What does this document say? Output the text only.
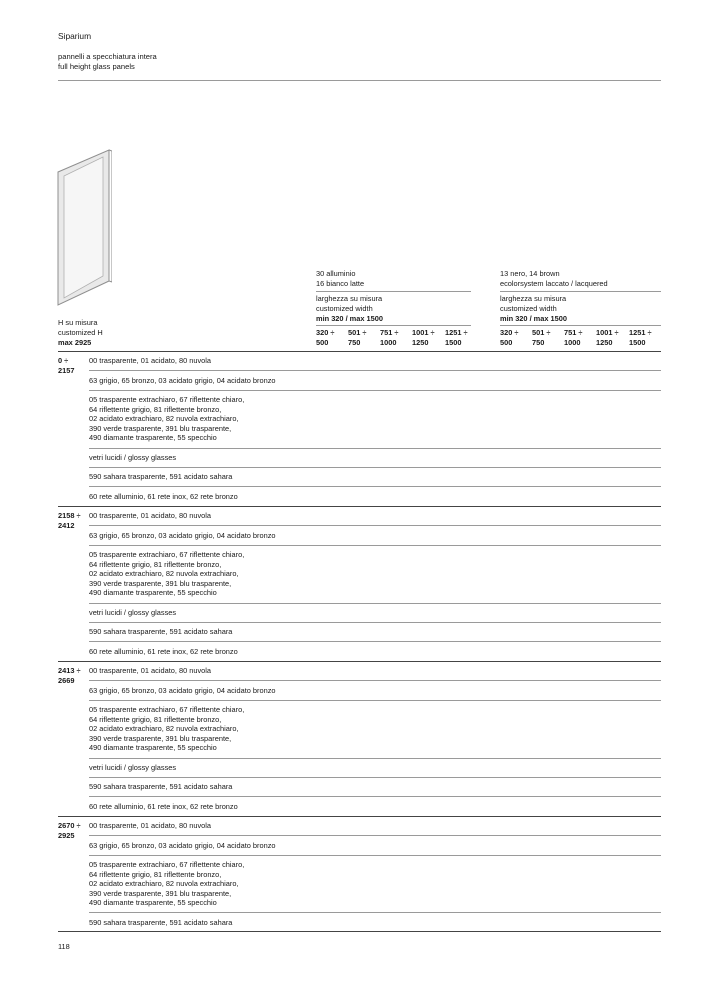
Siparium
pannelli a specchiatura intera
full height glass panels
H su misura
customized H
max 2925
30 alluminio
16 bianco latte
larghezza su misura
customized width
min 320 / max 1500
320 ÷
500
501 ÷
750
751 ÷
1000
1001 ÷
1250
1251 ÷
1500
13 nero, 14 brown
ecolorsystem laccato / lacquered
larghezza su misura
customized width
min 320 / max 1500
320 ÷
500
501 ÷
750
751 ÷
1000
1001 ÷
1250
1251 ÷
1500
0 ÷
2157
00 trasparente, 01 acidato, 80 nuvola
63 grigio, 65 bronzo, 03 acidato grigio, 04 acidato bronzo
05 trasparente extrachiaro, 67 riflettente chiaro,
64 riflettente grigio, 81 riflettente bronzo,
02 acidato extrachiaro, 82 nuvola extrachiaro,
390 verde trasparente, 391 blu trasparente,
490 diamante trasparente, 55 specchio
vetri lucidi / glossy glasses
590 sahara trasparente, 591 acidato sahara
60 rete alluminio, 61 rete inox, 62 rete bronzo
2158 ÷
2412
00 trasparente, 01 acidato, 80 nuvola
63 grigio, 65 bronzo, 03 acidato grigio, 04 acidato bronzo
05 trasparente extrachiaro, 67 riflettente chiaro,
64 riflettente grigio, 81 riflettente bronzo,
02 acidato extrachiaro, 82 nuvola extrachiaro,
390 verde trasparente, 391 blu trasparente,
490 diamante trasparente, 55 specchio
vetri lucidi / glossy glasses
590 sahara trasparente, 591 acidato sahara
60 rete alluminio, 61 rete inox, 62 rete bronzo
2413 ÷
2669
00 trasparente, 01 acidato, 80 nuvola
63 grigio, 65 bronzo, 03 acidato grigio, 04 acidato bronzo
05 trasparente extrachiaro, 67 riflettente chiaro,
64 riflettente grigio, 81 riflettente bronzo,
02 acidato extrachiaro, 82 nuvola extrachiaro,
390 verde trasparente, 391 blu trasparente,
490 diamante trasparente, 55 specchio
vetri lucidi / glossy glasses
590 sahara trasparente, 591 acidato sahara
60 rete alluminio, 61 rete inox, 62 rete bronzo
2670 ÷
2925
00 trasparente, 01 acidato, 80 nuvola
63 grigio, 65 bronzo, 03 acidato grigio, 04 acidato bronzo
05 trasparente extrachiaro, 67 riflettente chiaro,
64 riflettente grigio, 81 riflettente bronzo,
02 acidato extrachiaro, 82 nuvola extrachiaro,
390 verde trasparente, 391 blu trasparente,
490 diamante trasparente, 55 specchio
590 sahara trasparente, 591 acidato sahara
118
